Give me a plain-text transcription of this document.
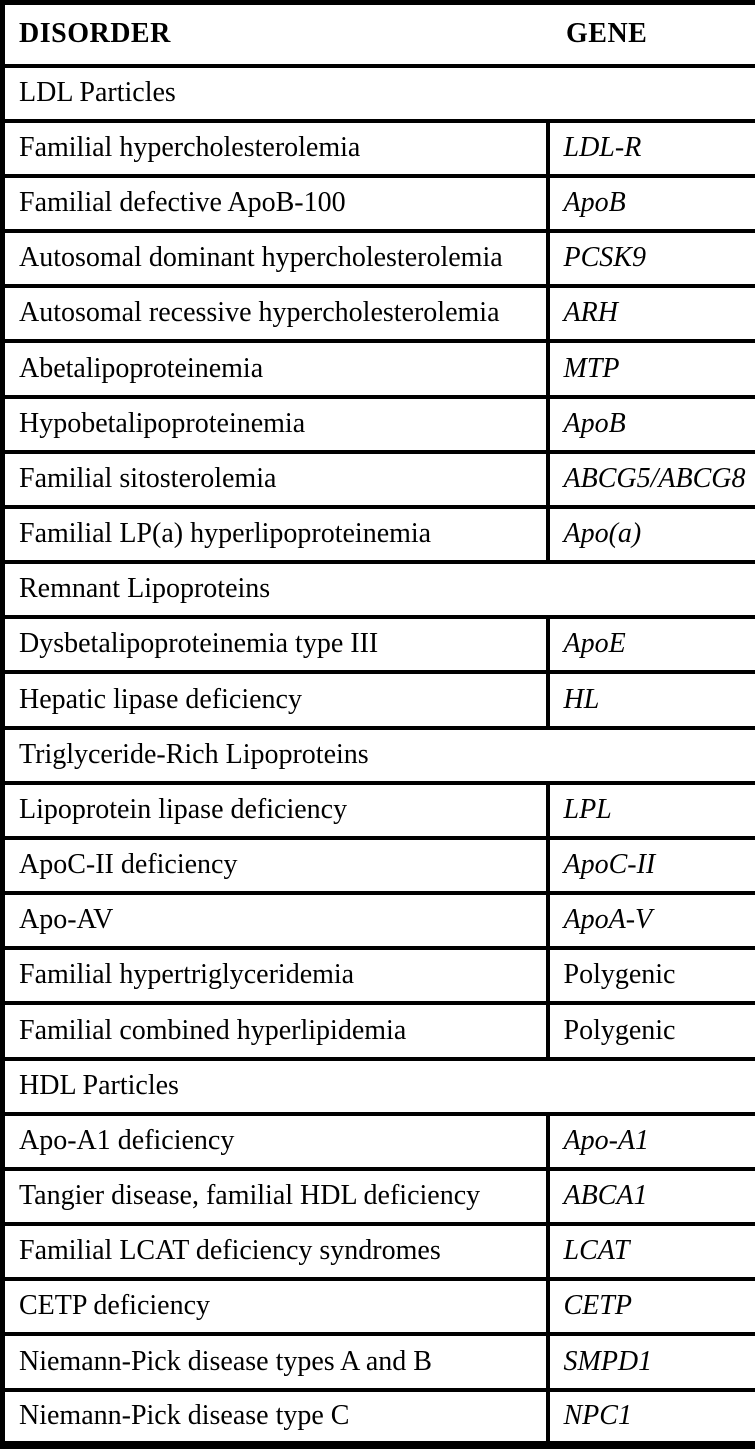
DISORDER GENE	

LDL Particles	
Familial hypercholesterolemia	LDL-R
Familial defective ApoB-100	ApoB
Autosomal dominant hypercholesterolemia	PCSK9
Autosomal recessive hypercholesterolemia	ARH
Abetalipoproteinemia	MTP
Hypobetalipoproteinemia	ApoB
Familial sitosterolemia	ABCG5/ABCG8
Familial LP(a) hyperlipoproteinemia	Apo(a)
Remnant Lipoproteins	
Dysbetalipoproteinemia type III	ApoE
Hepatic lipase deficiency	HL
Triglyceride-Rich Lipoproteins	
Lipoprotein lipase deficiency	LPL
ApoC-II deficiency	ApoC-II
Apo-AV	ApoA-V
Familial hypertriglyceridemia	Polygenic
Familial combined hyperlipidemia	Polygenic
HDL Particles	
Apo-A1 deficiency	Apo-A1
Tangier disease, familial HDL deficiency	ABCA1
Familial LCAT deficiency syndromes	LCAT
CETP deficiency	CETP
Niemann-Pick disease types A and B	SMPD1
Niemann-Pick disease type C	NPC1
